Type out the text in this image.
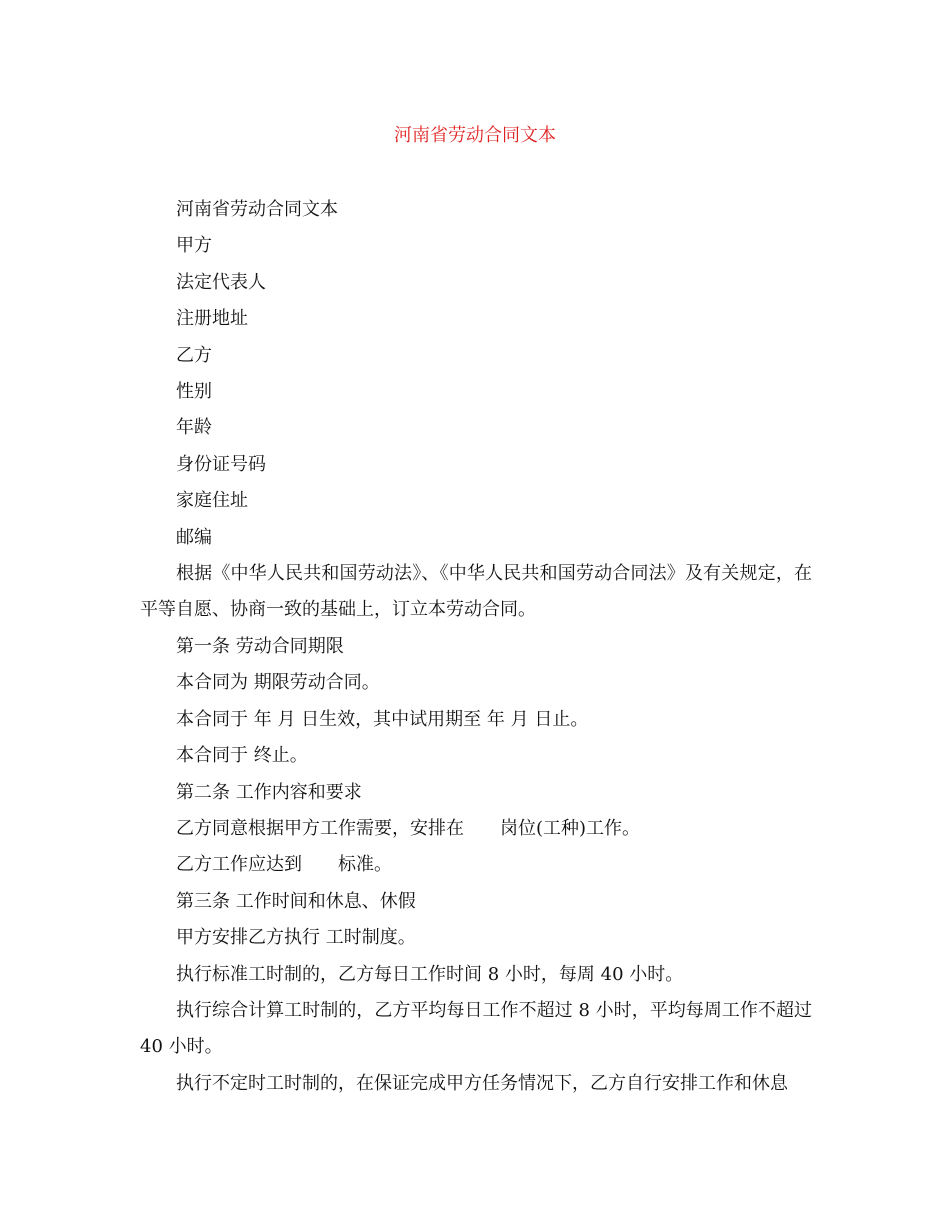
河南省劳动合同文本

河南省劳动合同文本

甲方

法定代表人

注册地址

乙方

性别

年龄

身份证号码

家庭住址

邮编

根据《中华人民共和国劳动法》、《中华人民共和国劳动合同法》及有关规定，在平等自愿、协商一致的基础上，订立本劳动合同。

第一条 劳动合同期限

本合同为 期限劳动合同。

本合同于 年 月 日生效，其中试用期至 年 月 日止。

本合同于 终止。

第二条 工作内容和要求

乙方同意根据甲方工作需要，安排在　　岗位(工种)工作。

乙方工作应达到　　标准。

第三条 工作时间和休息、休假

甲方安排乙方执行 工时制度。

执行标准工时制的，乙方每日工作时间 8 小时，每周 40 小时。

执行综合计算工时制的，乙方平均每日工作不超过 8 小时，平均每周工作不超过 40 小时。

执行不定时工时制的，在保证完成甲方任务情况下，乙方自行安排工作和休息
